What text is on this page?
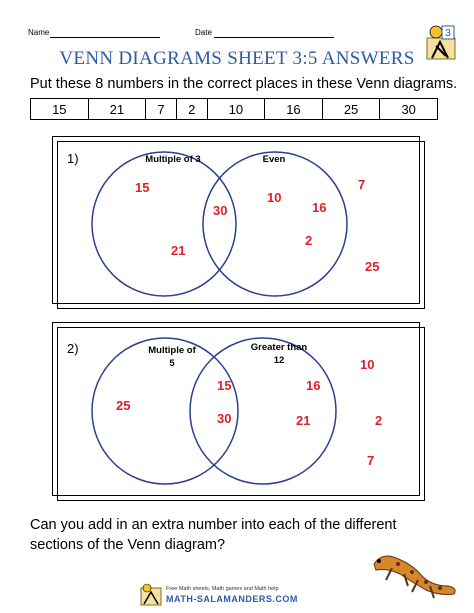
Name	Date	3
VENN DIAGRAMS SHEET 3:5 ANSWERS
Put these 8 numbers in the correct places in these Venn diagrams.
15	21	7	2	10	16	25	30
1)	Multiple of 3	Even
15
21
30
10
16
2
7
25
2)	Multiple of
5
Greater than
12
25
15
30
16
21
10
2
7
Can you add in an extra number into each of the different sections of the Venn diagram?
Free Math sheets, Math games and Math help
MATH-SALAMANDERS.COM
